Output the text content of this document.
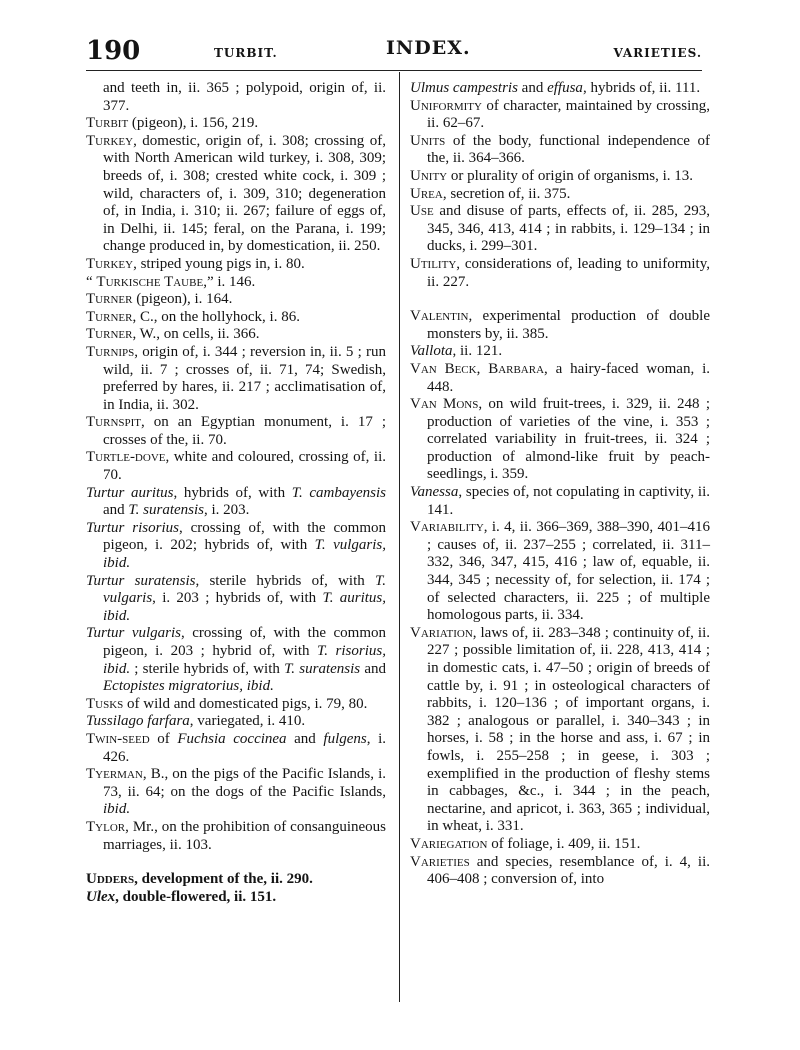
190	TURBIT.	INDEX.	VARIETIES.

and teeth in, ii. 365 ; polypoid, origin of, ii. 377.

Turbit (pigeon), i. 156, 219.

Turkey, domestic, origin of, i. 308; crossing of, with North American wild turkey, i. 308, 309; breeds of, i. 308; crested white cock, i. 309 ; wild, characters of, i. 309, 310; degeneration of, in India, i. 310; ii. 267; failure of eggs of, in Delhi, ii. 145; feral, on the Parana, i. 199; change produced in, by domestication, ii. 250.

Turkey, striped young pigs in, i. 80.

“ Turkische Taube,” i. 146.

Turner (pigeon), i. 164.

Turner, C., on the hollyhock, i. 86.

Turner, W., on cells, ii. 366.

Turnips, origin of, i. 344 ; reversion in, ii. 5 ; run wild, ii. 7 ; crosses of, ii. 71, 74; Swedish, preferred by hares, ii. 217 ; acclimatisation of, in India, ii. 302.

Turnspit, on an Egyptian monument, i. 17 ; crosses of the, ii. 70.

Turtle-dove, white and coloured, crossing of, ii. 70.

Turtur auritus, hybrids of, with T. cambayensis and T. suratensis, i. 203.

Turtur risorius, crossing of, with the common pigeon, i. 202; hybrids of, with T. vulgaris, ibid.

Turtur suratensis, sterile hybrids of, with T. vulgaris, i. 203 ; hybrids of, with T. auritus, ibid.

Turtur vulgaris, crossing of, with the common pigeon, i. 203 ; hybrid of, with T. risorius, ibid. ; sterile hybrids of, with T. suratensis and Ectopistes migratorius, ibid.

Tusks of wild and domesticated pigs, i. 79, 80.

Tussilago farfara, variegated, i. 410.

Twin-seed of Fuchsia coccinea and fulgens, i. 426.

Tyerman, B., on the pigs of the Pacific Islands, i. 73, ii. 64; on the dogs of the Pacific Islands, ibid.

Tylor, Mr., on the prohibition of consanguineous marriages, ii. 103.

Udders, development of the, ii. 290.

Ulex, double-flowered, ii. 151.

Ulmus campestris and effusa, hybrids of, ii. 111.

Uniformity of character, maintained by crossing, ii. 62–67.

Units of the body, functional independence of the, ii. 364–366.

Unity or plurality of origin of organisms, i. 13.

Urea, secretion of, ii. 375.

Use and disuse of parts, effects of, ii. 285, 293, 345, 346, 413, 414 ; in rabbits, i. 129–134 ; in ducks, i. 299–301.

Utility, considerations of, leading to uniformity, ii. 227.

Valentin, experimental production of double monsters by, ii. 385.

Vallota, ii. 121.

Van Beck, Barbara, a hairy-faced woman, i. 448.

Van Mons, on wild fruit-trees, i. 329, ii. 248 ; production of varieties of the vine, i. 353 ; correlated variability in fruit-trees, ii. 324 ; production of almond-like fruit by peach-seedlings, i. 359.

Vanessa, species of, not copulating in captivity, ii. 141.

Variability, i. 4, ii. 366–369, 388–390, 401–416 ; causes of, ii. 237–255 ; correlated, ii. 311–332, 346, 347, 415, 416 ; law of, equable, ii. 344, 345 ; necessity of, for selection, ii. 174 ; of selected characters, ii. 225 ; of multiple homologous parts, ii. 334.

Variation, laws of, ii. 283–348 ; continuity of, ii. 227 ; possible limitation of, ii. 228, 413, 414 ; in domestic cats, i. 47–50 ; origin of breeds of cattle by, i. 91 ; in osteological characters of rabbits, i. 120–136 ; of important organs, i. 382 ; analogous or parallel, i. 340–343 ; in horses, i. 58 ; in the horse and ass, i. 67 ; in fowls, i. 255–258 ; in geese, i. 303 ; exemplified in the production of fleshy stems in cabbages, &c., i. 344 ; in the peach, nectarine, and apricot, i. 363, 365 ; individual, in wheat, i. 331.

Variegation of foliage, i. 409, ii. 151.

Varieties and species, resemblance of, i. 4, ii. 406–408 ; conversion of, into
